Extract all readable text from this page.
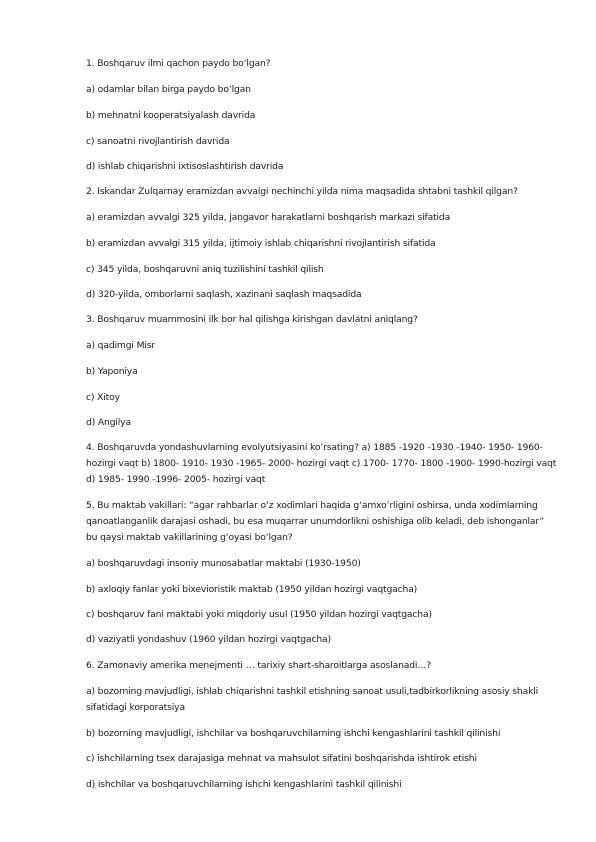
1. Boshqaruv ilmi qachon paydo bo‘lgan?
a) odamlar bilan birga paydo bo‘lgan
b) mehnatni kooperatsiyalash davrida
c) sanoatni rivojlantirish davrida
d) ishlab chiqarishni ixtisoslashtirish davrida
2. Iskandar Zulqarnay eramizdan avvalgi nechinchi yilda nima maqsadida shtabni tashkil qilgan?
a) eramizdan avvalgi 325 yilda, jangavor harakatlarni boshqarish markazi sifatida
b) eramizdan avvalgi 315 yilda, ijtimoiy ishlab chiqarishni rivojlantirish sifatida
c) 345 yilda, boshqaruvni aniq tuzilishini tashkil qilish
d) 320-yilda, omborlarni saqlash, xazinani saqlash maqsadida
3. Boshqaruv muammosini ilk bor hal qilishga kirishgan davlatni aniqlang?
a) qadimgi Misr
b) Yaponiya
c) Xitoy
d) Angilya
4. Boshqaruvda yondashuvlarning evolyutsiyasini ko’rsating? a) 1885 -1920 -1930 -1940- 1950- 1960-
hozirgi vaqt b) 1800- 1910- 1930 -1965- 2000- hozirgi vaqt c) 1700- 1770- 1800 -1900- 1990-hozirgi vaqt
d) 1985- 1990 -1996- 2005- hozirgi vaqt
5. Bu maktab vakillari: “agar rahbarlar o‘z xodimlari haqida g‘amxo’rligini oshirsa, unda xodimlarning
qanoatlanganlik darajasi oshadi, bu esa muqarrar unumdorlikni oshishiga olib keladi, deb ishonganlar”
bu qaysi maktab vakillarining g‘oyasi bo‘lgan?
a) boshqaruvdagi insoniy munosabatlar maktabi (1930-1950)
b) axloqiy fanlar yoki bixevioristik maktab (1950 yildan hozirgi vaqtgacha)
c) boshqaruv fani maktabi yoki miqdoriy usul (1950 yildan hozirgi vaqtgacha)
d) vaziyatli yondashuv (1960 yildan hozirgi vaqtgacha)
6. Zamonaviy amerika menejmenti … tarixiy shart-sharoitlarga asoslanadi…?
a) bozorning mavjudligi, ishlab chiqarishni tashkil etishning sanoat usuli,tadbirkorlikning asosiy shakli
sifatidagi korporatsiya
b) bozorning mavjudligi, ishchilar va boshqaruvchilarning ishchi kengashlarini tashkil qilinishi
c) ishchilarning tsex darajasiga mehnat va mahsulot sifatini boshqarishda ishtirok etishi
d) ishchilar va boshqaruvchilarning ishchi kengashlarini tashkil qilinishi
